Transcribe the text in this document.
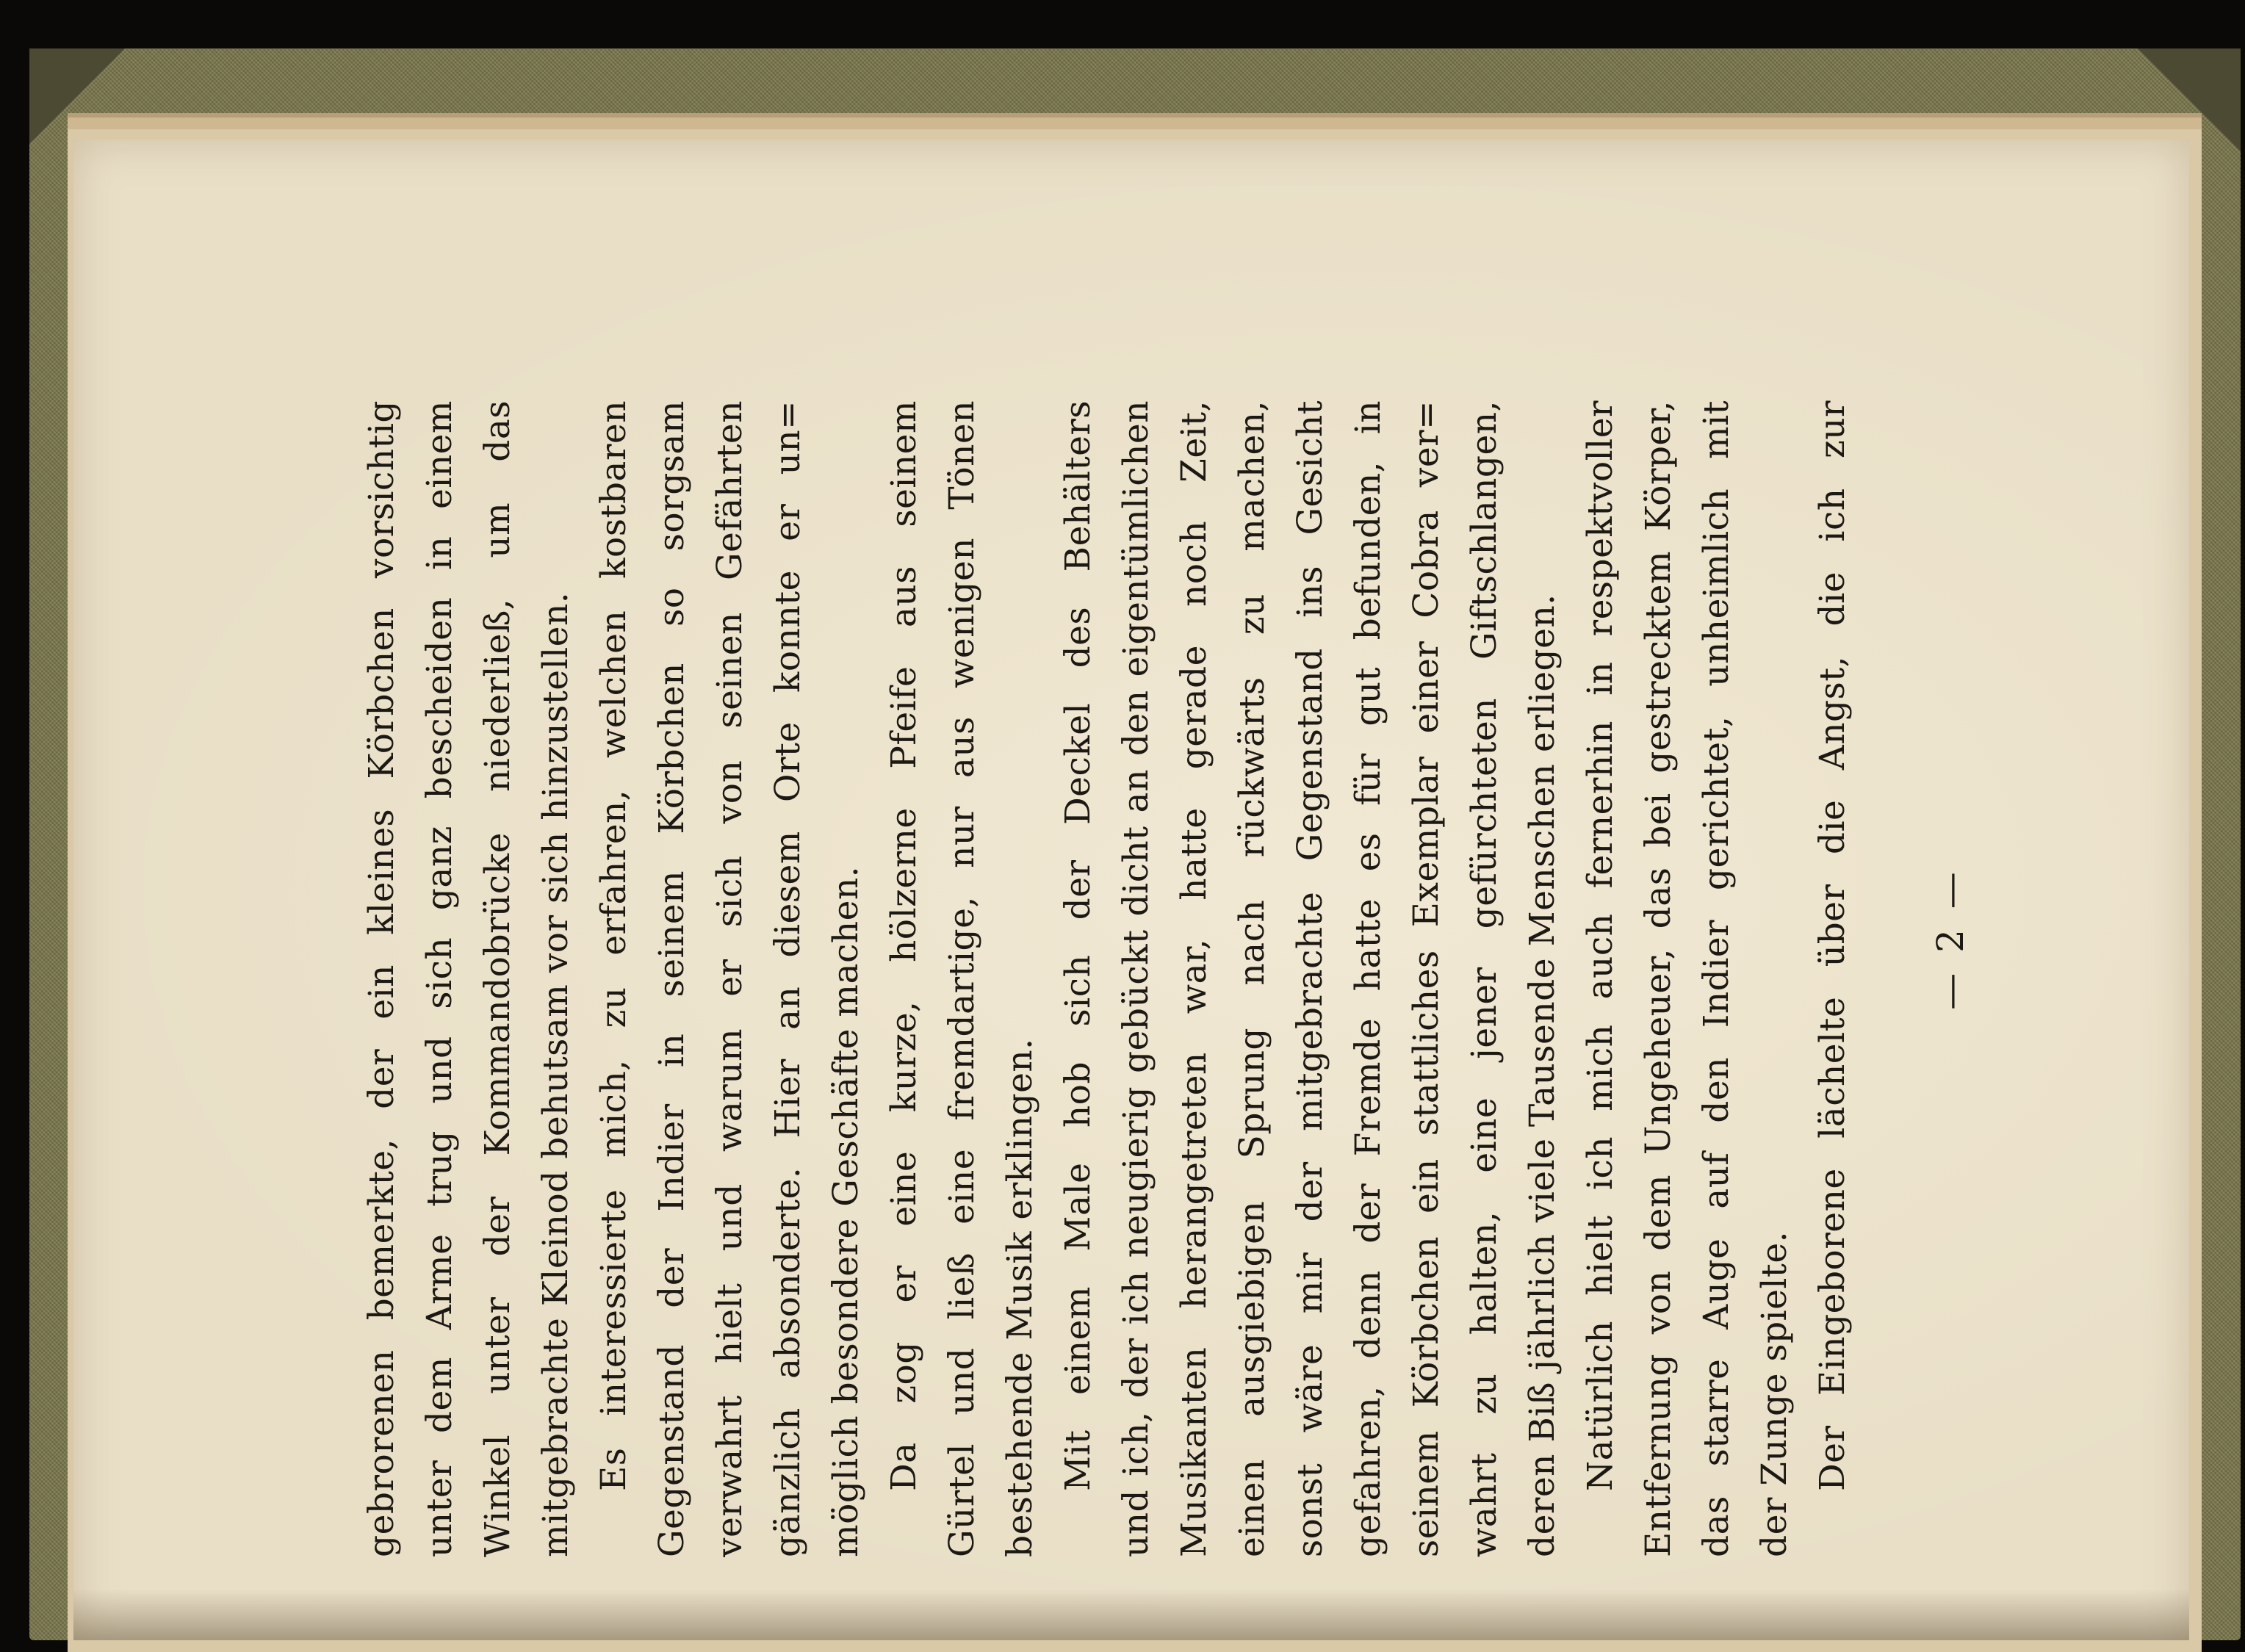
— 2 —
gebrorenen bemerkte, der ein kleines Körbchen vorsichtig unter dem Arme trug und sich ganz bescheiden in einem Winkel unter der Kommandobrücke niederließ, um das mitgebrachte Kleinod behutsam vor sich hinzustellen. Es interessierte mich, zu erfahren, welchen kostbaren Gegenstand der Indier in seinem Körbchen so sorgsam verwahrt hielt und warum er sich von seinen Gefährten gänzlich absonderte. Hier an diesem Orte konnte er un= möglich besondere Geschäfte machen. Da zog er eine kurze, hölzerne Pfeife aus seinem Gürtel und ließ eine fremdartige, nur aus wenigen Tönen bestehende Musik erklingen. Mit einem Male hob sich der Deckel des Behälters und ich, der ich neugierig gebückt dicht an den eigentümlichen Musikanten herangetreten war, hatte gerade noch Zeit, einen ausgiebigen Sprung nach rückwärts zu machen, sonst wäre mir der mitgebrachte Gegenstand ins Gesicht gefahren, denn der Fremde hatte es für gut befunden, in seinem Körbchen ein stattliches Exemplar einer Cobra ver= wahrt zu halten, eine jener gefürchteten Giftschlangen, deren Biß jährlich viele Tausende Menschen erliegen. Natürlich hielt ich mich auch fernerhin in respektvoller Entfernung von dem Ungeheuer, das bei gestrecktem Körper, das starre Auge auf den Indier gerichtet, unheimlich mit der Zunge spielte. Der Eingeborene lächelte über die Angst, die ich zur
